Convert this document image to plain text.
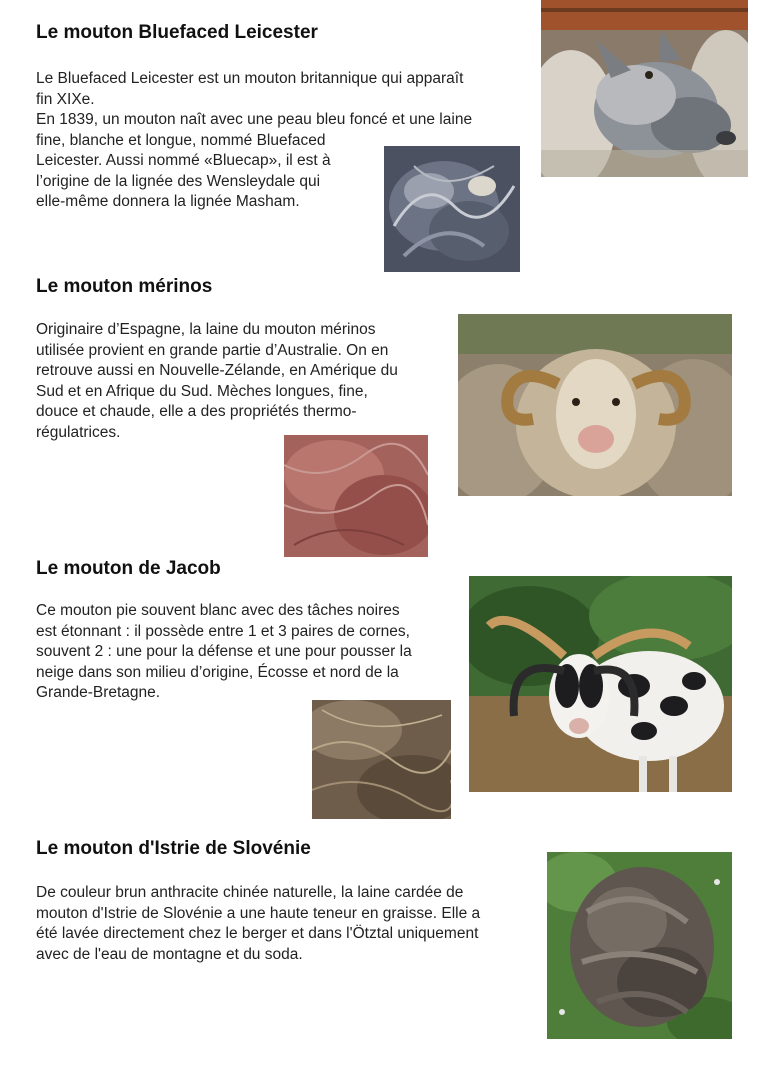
Le mouton Bluefaced Leicester
Le Bluefaced Leicester est un mouton britannique qui apparaît
fin XIXe.
En 1839, un mouton naît avec une peau bleu foncé et une laine
fine, blanche et longue, nommé Bluefaced
Leicester. Aussi nommé «Bluecap», il est à
l’origine de la lignée des Wensleydale qui
elle-même donnera la lignée Masham.
Le mouton mérinos
Originaire d’Espagne, la laine du mouton mérinos
utilisée provient en grande partie d’Australie. On en
retrouve aussi en Nouvelle-Zélande, en Amérique du
Sud et en Afrique du Sud. Mèches longues, fine,
douce et chaude, elle a des propriétés thermo-
régulatrices.
Le mouton de Jacob
Ce mouton pie souvent blanc avec des tâches noires
est étonnant : il possède entre 1 et 3 paires de cornes,
souvent 2 : une pour la défense et une pour pousser la
neige dans son milieu d’origine, Écosse et nord de la
Grande-Bretagne.
Le mouton d'Istrie de Slovénie
De couleur brun anthracite chinée naturelle, la laine cardée de
mouton d'Istrie de Slovénie a une haute teneur en graisse. Elle a
été lavée directement chez le berger et dans l'Ötztal uniquement
avec de l'eau de montagne et du soda.
